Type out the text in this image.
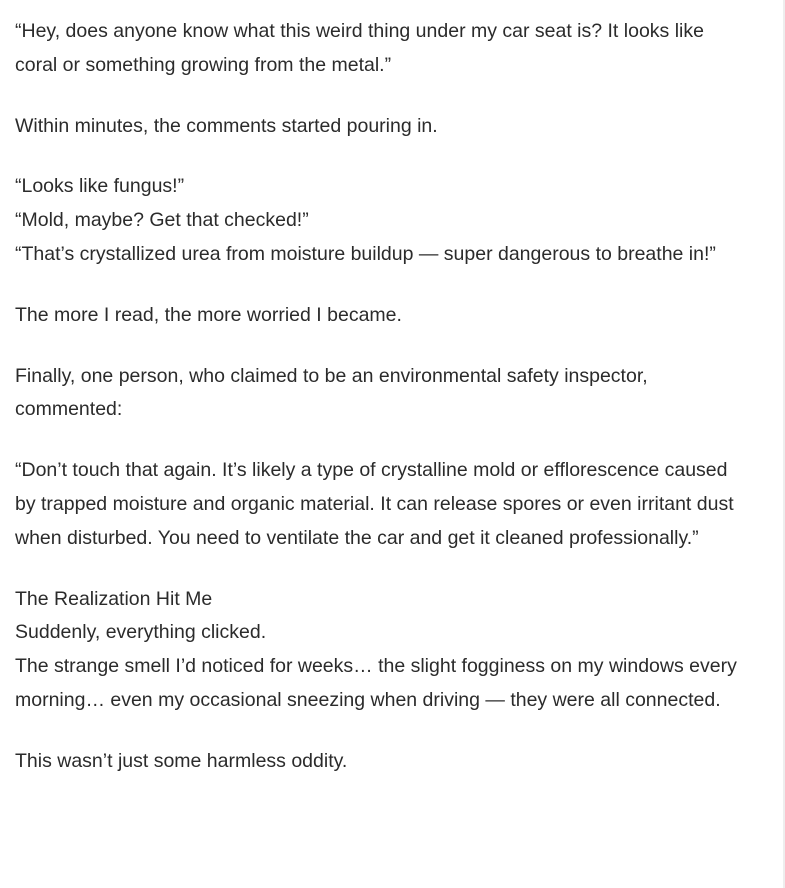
“Hey, does anyone know what this weird thing under my car seat is? It looks like coral or something growing from the metal.”

Within minutes, the comments started pouring in.

“Looks like fungus!”
“Mold, maybe? Get that checked!”
“That’s crystallized urea from moisture buildup — super dangerous to breathe in!”

The more I read, the more worried I became.

Finally, one person, who claimed to be an environmental safety inspector, commented:

“Don’t touch that again. It’s likely a type of crystalline mold or efflorescence caused by trapped moisture and organic material. It can release spores or even irritant dust when disturbed. You need to ventilate the car and get it cleaned professionally.”

The Realization Hit Me
Suddenly, everything clicked.
The strange smell I’d noticed for weeks… the slight fogginess on my windows every morning… even my occasional sneezing when driving — they were all connected.

This wasn’t just some harmless oddity.
